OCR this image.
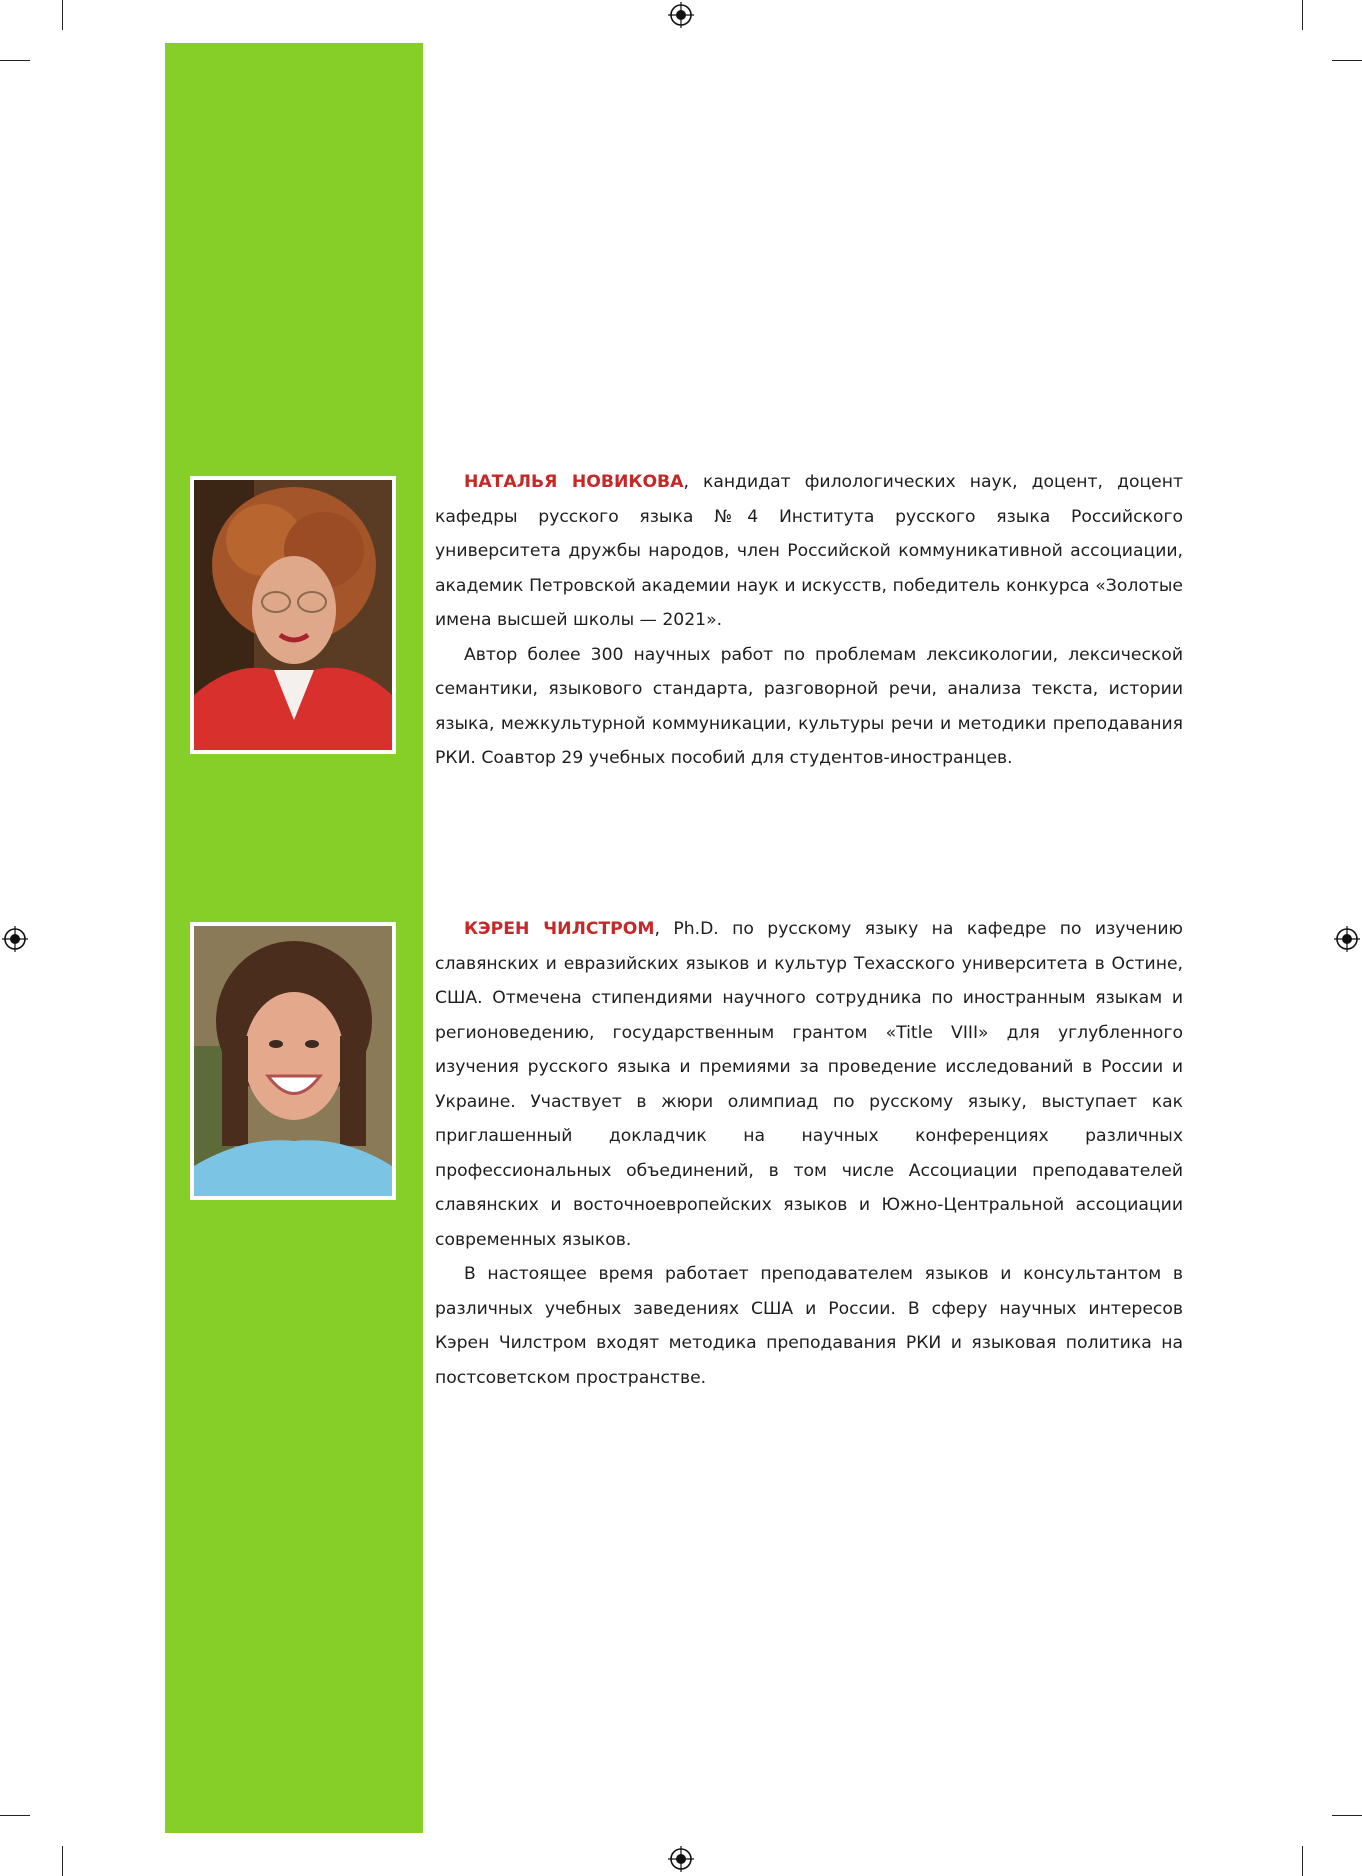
НАТАЛЬЯ НОВИКОВА, кандидат филологических наук, доцент, доцент кафедры русского языка №4 Института русского языка Российского университета дружбы народов, член Российской коммуникативной ассоциации, академик Петровской академии наук и искусств, победитель конкурса «Золотые имена высшей школы — 2021».

Автор более 300 научных работ по проблемам лексикологии, лексической семантики, языкового стандарта, разговорной речи, анализа текста, истории языка, межкультурной коммуникации, культуры речи и методики преподавания РКИ. Соавтор 29 учебных пособий для студентов-иностранцев.

КЭРЕН ЧИЛСТРОМ, Ph.D. по русскому языку на кафедре по изучению славянских и евразийских языков и культур Техасского университета в Остине, США. Отмечена стипендиями научного сотрудника по иностранным языкам и регионоведению, государственным грантом «Title VIII» для углубленного изучения русского языка и премиями за проведение исследований в России и Украине. Участвует в жюри олимпиад по русскому языку, выступает как приглашенный докладчик на научных конференциях различных профессиональных объединений, в том числе Ассоциации преподавателей славянских и восточноевропейских языков и Южно-Центральной ассоциации современных языков.

В настоящее время работает преподавателем языков и консультантом в различных учебных заведениях США и России. В сферу научных интересов Кэрен Чилстром входят методика преподавания РКИ и языковая политика на постсоветском пространстве.
